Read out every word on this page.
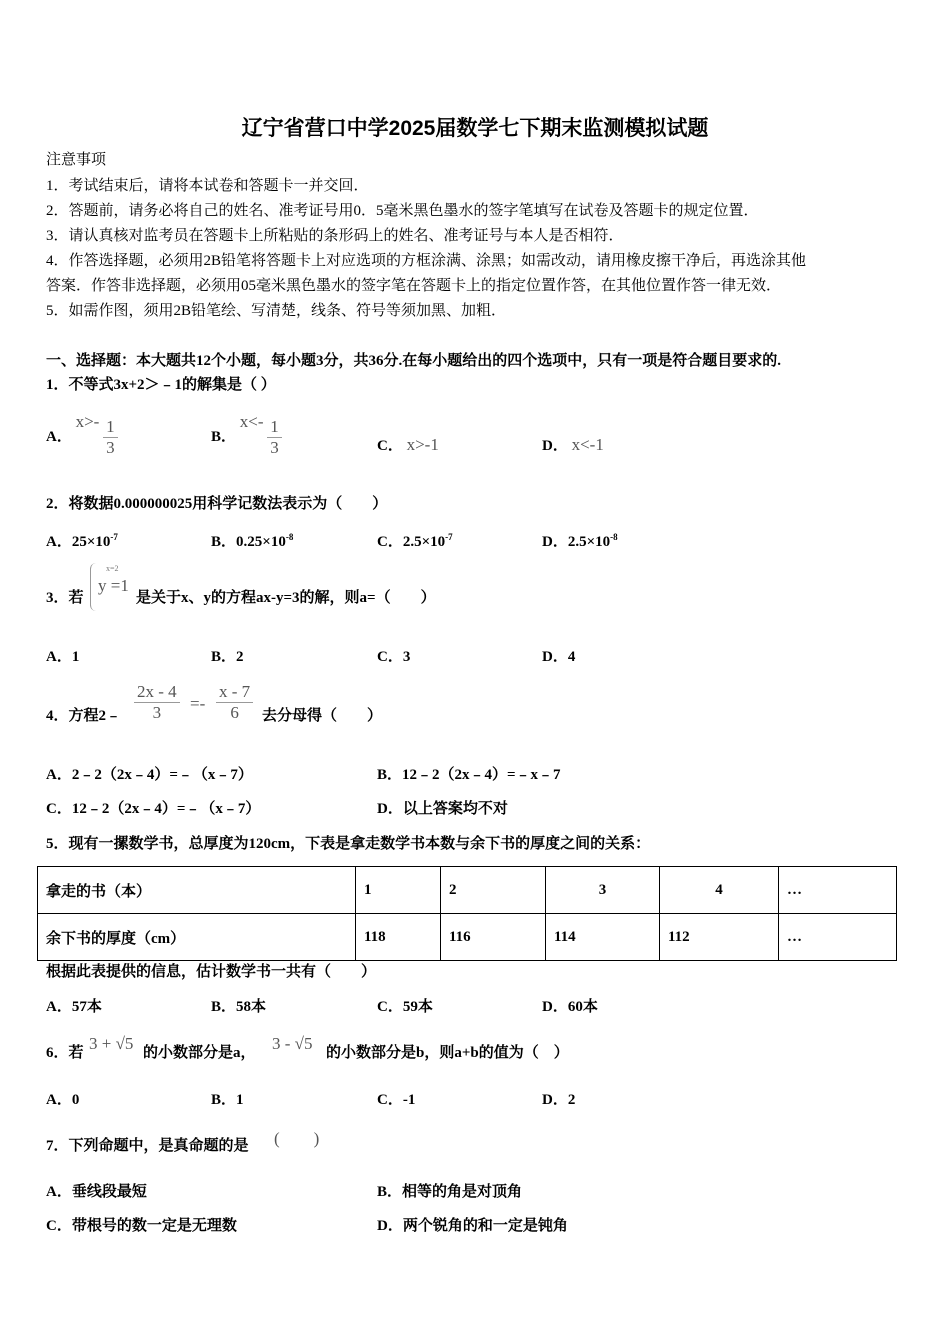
辽宁省营口中学2025届数学七下期末监测模拟试题
注意事项
1．考试结束后，请将本试卷和答题卡一并交回．
2．答题前，请务必将自己的姓名、准考证号用0．5毫米黑色墨水的签字笔填写在试卷及答题卡的规定位置．
3．请认真核对监考员在答题卡上所粘贴的条形码上的姓名、准考证号与本人是否相符．
4．作答选择题，必须用2B铅笔将答题卡上对应选项的方框涂满、涂黑；如需改动，请用橡皮擦干净后，再选涂其他
答案．作答非选择题，必须用05毫米黑色墨水的签字笔在答题卡上的指定位置作答，在其他位置作答一律无效．
5．如需作图，须用2B铅笔绘、写清楚，线条、符号等须加黑、加粗．
一、选择题：本大题共12个小题，每小题3分，共36分.在每小题给出的四个选项中，只有一项是符合题目要求的.
1．不等式3x+2＞﹣1的解集是（ ）
A． $x>- \frac{1}{3}$	B． $x<- \frac{1}{3}$	C． x>-1	D． x<-1
2．将数据0.000000025用科学记数法表示为（　　）
A．$25\times 10^{-7}$	B．$0.25\times 10^{-8}$	C．$2.5\times 10^{-7}$	D．$2.5\times 10^{-8}$
3．若
x=2
y =1
是关于x、y的方程ax-y=3的解，则a=（　　）
A．1	B．2	C．3	D．4
4．方程2﹣ $\frac{2x - 4}{3} =- \frac{x - 7}{6}$ 去分母得（　　）
A．2﹣2（2x﹣4）=﹣（x﹣7）	B．12﹣2（2x﹣4）=﹣x﹣7
C．12﹣2（2x﹣4）=﹣（x﹣7）	D．以上答案均不对
5．现有一摞数学书，总厚度为120cm，下表是拿走数学书本数与余下书的厚度之间的关系：
拿走的书（本）	1	2	3	4	…
余下书的厚度（cm）	118	116	114	112	…
根据此表提供的信息，估计数学书一共有（　　）
A．57本	B．58本	C．59本	D．60本
6．若 3 + √5 的小数部分是a， 3 - √5 的小数部分是b，则a+b的值为（　）
A．0	B．1	C．-1	D．2
7．下列命题中，是真命题的是 (　　)
A．垂线段最短	B．相等的角是对顶角
C．带根号的数一定是无理数	D．两个锐角的和一定是钝角
